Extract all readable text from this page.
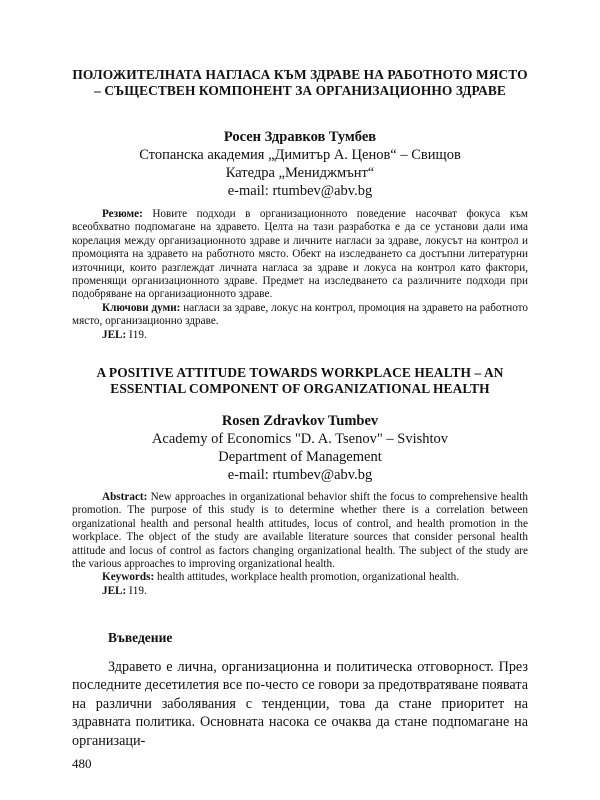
ПОЛОЖИТЕЛНАТА НАГЛАСА КЪМ ЗДРАВЕ НА РАБОТНОТО МЯСТО – СЪЩЕСТВЕН КОМПОНЕНТ ЗА ОРГАНИЗАЦИОННО ЗДРАВЕ
Росен Здравков Тумбев
Стопанска академия „Димитър А. Ценов“ – Свищов
Катедра „Мениджмънт“
e-mail: rtumbev@abv.bg

Резюме: Новите подходи в организационното поведение насочват фокуса към всеобхватно подпомагане на здравето. Целта на тази разработка е да се установи дали има корелация между организационното здраве и личните нагласи за здраве, локусът на контрол и промоцията на здравето на работното място. Обект на изследването са достъпни литературни източници, които разглеждат личната нагласа за здраве и локуса на контрол като фактори, променящи организационното здраве. Предмет на изследването са различните подходи при подобряване на организационното здраве.

Ключови думи: нагласи за здраве, локус на контрол, промоция на здравето на работното място, организационно здраве.

JEL: I19.

A POSITIVE ATTITUDE TOWARDS WORKPLACE HEALTH – AN ESSENTIAL COMPONENT OF ORGANIZATIONAL HEALTH
Rosen Zdravkov Tumbev
Academy of Economics "D. A. Tsenov" – Svishtov
Department of Management
e-mail: rtumbev@abv.bg

Abstract: New approaches in organizational behavior shift the focus to comprehensive health promotion. The purpose of this study is to determine whether there is a correlation between organizational health and personal health attitudes, locus of control, and health promotion in the workplace. The object of the study are available literature sources that consider personal health attitude and locus of control as factors changing organizational health. The subject of the study are the various approaches to improving organizational health.

Keywords: health attitudes, workplace health promotion, organizational health.

JEL: I19.

Въведение

Здравето е лична, организационна и политическа отговорност. През последните десетилетия все по-често се говори за предотвратяване появата на различни заболявания с тенденции, това да стане приоритет на здравната политика. Основната насока се очаква да стане подпомагане на организаци-

480
